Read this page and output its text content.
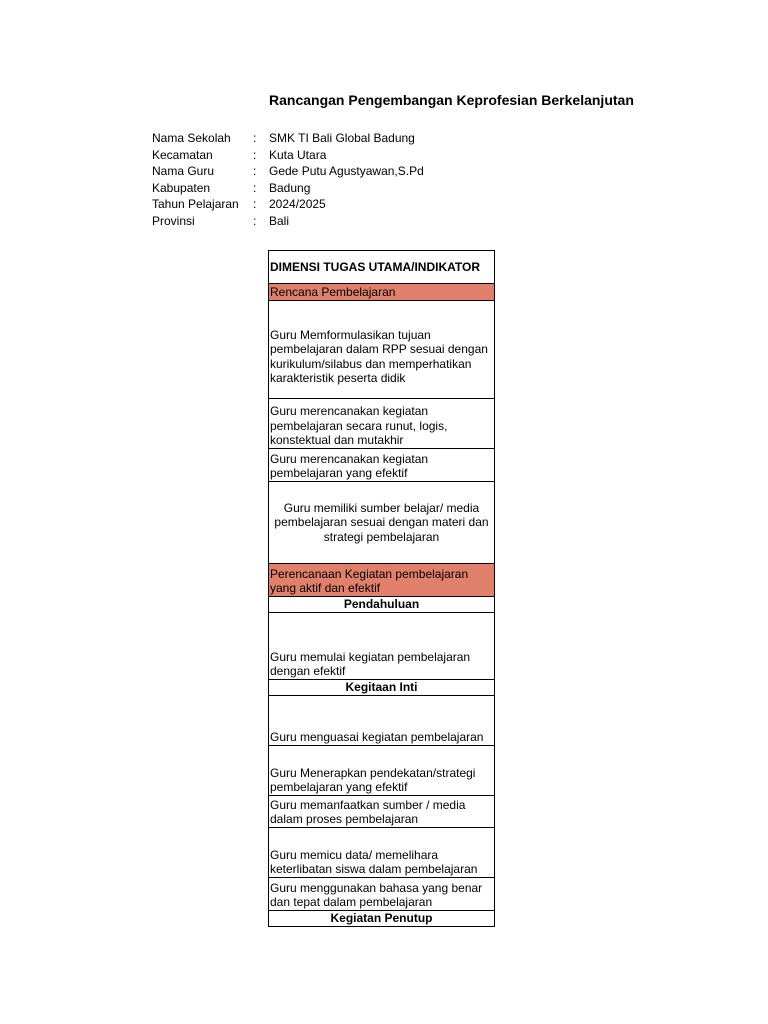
Rancangan Pengembangan Keprofesian Berkelanjutan
Nama Sekolah : SMK TI Bali Global Badung
Kecamatan	: Kuta Utara
Nama Guru	: Gede Putu Agustyawan,S.Pd
Kabupaten	: Badung
Tahun Pelajaran : 2024/2025
Provinsi	: Bali
DIMENSI TUGAS UTAMA/INDIKATOR
Rencana Pembelajaran
Guru Memformulasikan tujuan pembelajaran dalam RPP sesuai dengan kurikulum/silabus dan memperhatikan karakteristik peserta didik
Guru merencanakan kegiatan pembelajaran secara runut, logis, konstektual dan mutakhir
Guru merencanakan kegiatan pembelajaran yang efektif
Guru memiliki sumber belajar/ media pembelajaran sesuai dengan materi dan strategi pembelajaran
Perencanaan Kegiatan pembelajaran yang aktif dan efektif
Pendahuluan
Guru memulai kegiatan pembelajaran dengan efektif
Kegitaan Inti
Guru menguasai kegiatan pembelajaran
Guru Menerapkan pendekatan/strategi pembelajaran yang efektif
Guru memanfaatkan sumber / media dalam proses pembelajaran
Guru memicu data/ memelihara keterlibatan siswa dalam pembelajaran
Guru menggunakan bahasa yang benar dan tepat dalam pembelajaran
Kegiatan Penutup
